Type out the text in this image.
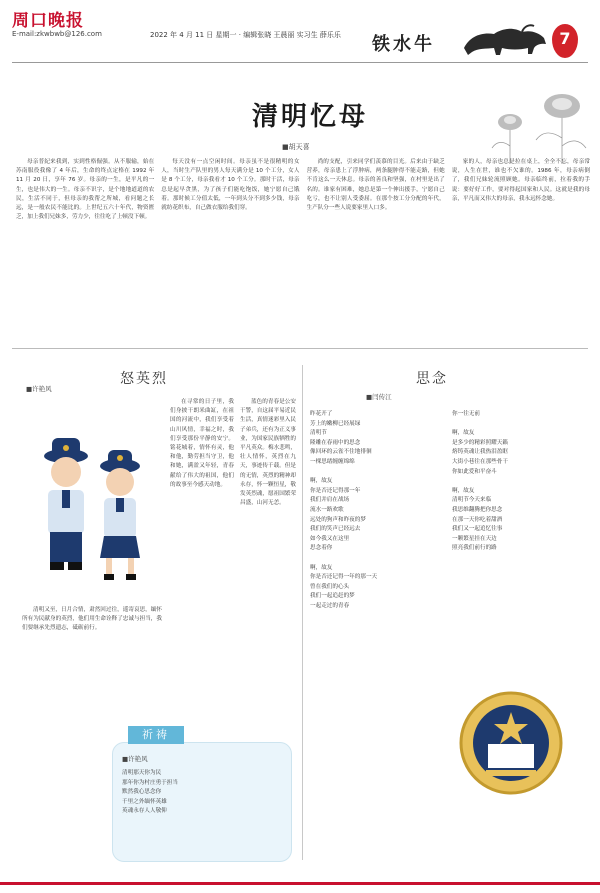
周口晚报
E-mail:zkwbwb@126.com	2022 年 4 月 11 日 星期一 · 编辑张晓 王晨丽 实习生 薛乐乐 铁水牛	7
清明忆母
■胡天喜
母亲普紀来我到，实到性格倔强。从不服输，始在苏南服役我像了 4 年后，生命的终点定格在 1992 年 11 月 20 日，享年 76 岁。母亲的一生，是平凡的一生，也是伟大的一生。母亲不识字，是个地地道道的农民，生活不同于，但母亲的我帮之所城，看问题之长远，是一般农民不能比的。上世纪五六十年代，物资匮乏，加上我们兄妹多，劳力少，往往吃了上顿没下顿。
每天没有一点空闲时间。母亲虽不是很精明的女人，当时生产队里的男人每天满分是 10 个工分，女人是 8 个工分，母亲我看才 10 个工分。那时干活，母亲总是起早贪黑，为了孩子们能吃饱饭，她宁愿自己饿着。那时候工分值太低，一年到头分不到多少钱，母亲就纺花织布，自己做衣服给我们穿。
尚的支配，引来同学们羡慕的目光。后来由于缺乏营养，母亲患上了浮肿病，两条腿肿得不能走路，但她不肯这么一天休息。母亲的善良和坚强，在村里是出了名的。谁家有困难，她总是第一个伸出援手，宁愿自己吃亏，也不让别人受委屈。在那个按工分分配的年代，生产队分一些人说要家里人口多。
家的人，母亲也总是拉在桌上，全全不忘，母亲常说，人生在世，谁也不欠谁的。1986 年，母亲病倒了，我们兄妹轮流照顾她。母亲临终前，拉着我的手说：要好好工作，要对得起国家和人民。这就是我的母亲，平凡而又伟大的母亲，我永远怀念她。
怒英烈
■许艳风
在寻常的日子里，我们身披干朗米曲缸，在祖国的河流中，我们享受着山川风情，幸福之时，我们享受那份平静的安宁。铭花城着，情怀有灵，他和他，勤劳担当守卫，他和她，满盈又年轻，青春献给了伟大的祖国，他们的故事至今感天动地。
蓝色的青春是公安干警，自这届平易近民生活，真情迷彩里入民子弟兵，还有为正义事业，为国家民族牺牲的平凡英众。梅水悲鸣，壮人情怀，英烈在九天，事迹传千载。但是的无情，英烈的精神却永存，怀一颗恒星，敬发英烈魂，愿祖国繁荣昌盛，山河无恙。
清明又至，日月合情，肃然回过往，遥寄哀思，缅怀所有为民献身的英烈，他们用生命诠释了忠诚与担当，我们要继承先烈遗志，砥砺前行。
思念
■闫传江
昨花开了
芳上的嫩柳已经展绿
清明节
隆雕在春雨中的思念
像回环的云雀不住地徘徊
一棵思绪缠缠绵绵

啊，故友
你是否还记得那一年
我们并肩在战场
流水一路欢歌
远处的狗声和昨夜的梦
我们的笑声已经远去
如今我又在这里
思念着你

啊，故友
你是否还记得一年的那一天
曾在我们的心头
我们一起追赶的梦
一起走过的青春
你一往无前

啊，故友
是多少的精彩照耀天籁
熔铸英魂让我热泪盈眶
大街小巷往在那些骨干
你如此爱和平奋斗

啊，故友
清明节今天来临
我思维翻腾把你思念
在那一天你吃着甜酒
我们又一起追忆往事
一颗繁星挂在天边
照亮我们前行的路
祈祷
■许艳风
清明那天你为民
那年你为村庄勇于担当
默然我心思念你
千里之外缅怀英雄
英魂永存人人敬仰
